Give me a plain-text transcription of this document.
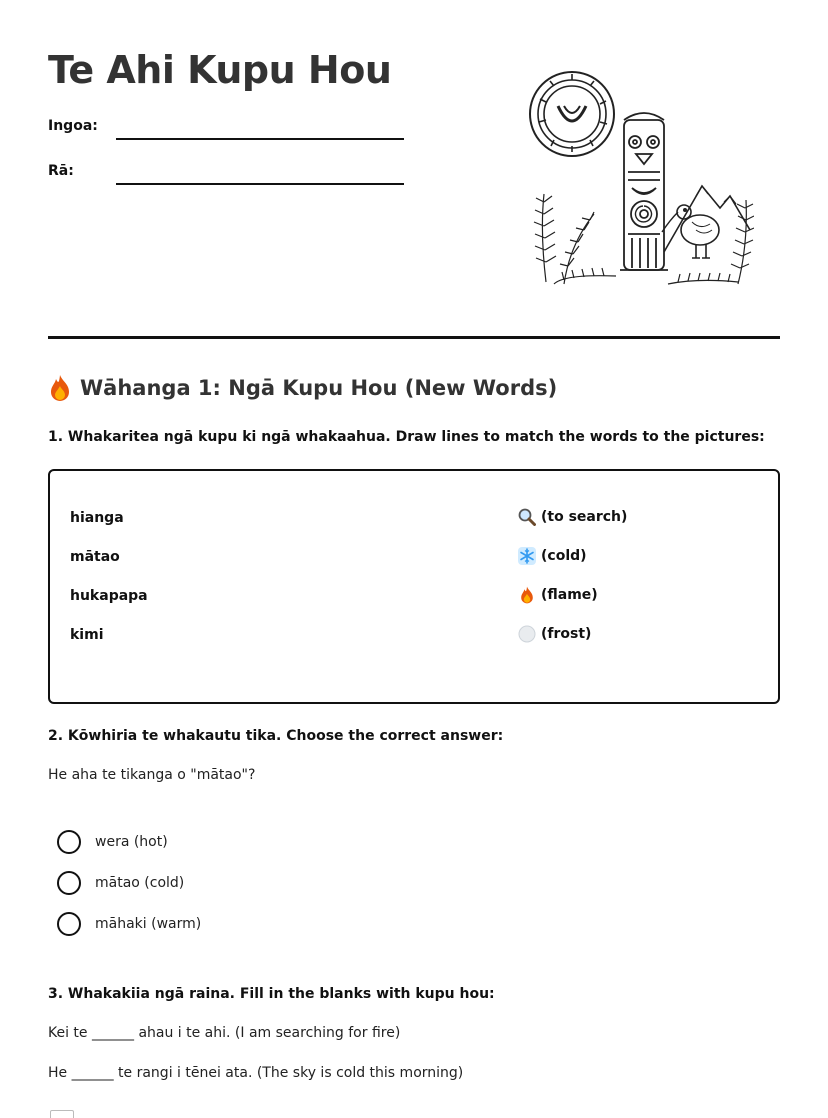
Te Ahi Kupu Hou
Ingoa:
Rā:
Wāhanga 1: Ngā Kupu Hou (New Words)
1. Whakaritea ngā kupu ki ngā whakaahua. Draw lines to match the words to the pictures:
hianga
mātao
hukapapa
kimi
(to search)
(cold)
(flame)
(frost)
2. Kōwhiria te whakautu tika. Choose the correct answer:
He aha te tikanga o "mātao"?
wera (hot)
mātao (cold)
māhaki (warm)
3. Whakakiia ngā raina. Fill in the blanks with kupu hou:
Kei te ______ ahau i te ahi. (I am searching for fire)
He ______ te rangi i tēnei ata. (The sky is cold this morning)
